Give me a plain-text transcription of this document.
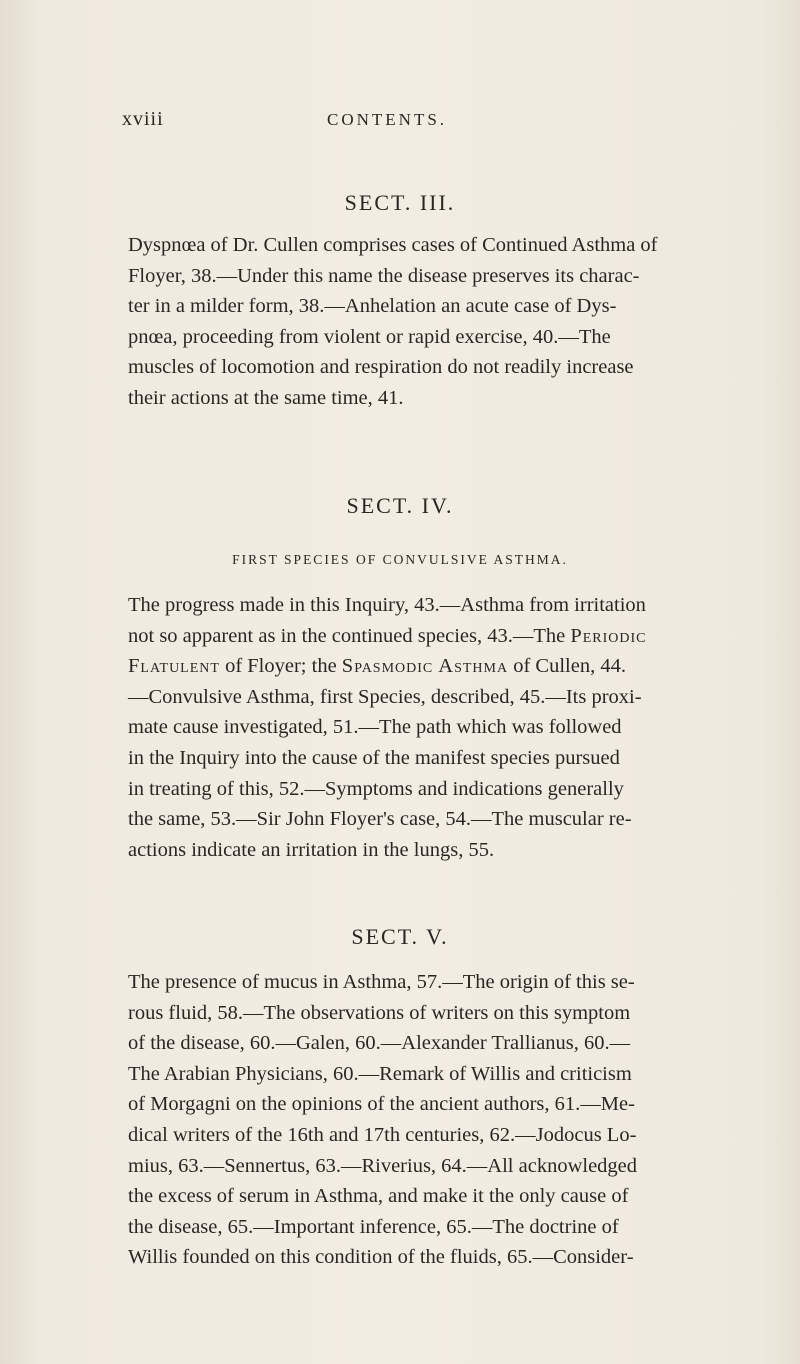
xviii	CONTENTS.
SECT. III.

Dyspnœa of Dr. Cullen comprises cases of Continued Asthma of
Floyer, 38.—Under this name the disease preserves its charac-
ter in a milder form, 38.—Anhelation an acute case of Dys-
pnœa, proceeding from violent or rapid exercise, 40.—The
muscles of locomotion and respiration do not readily increase
their actions at the same time, 41.

SECT. IV.
FIRST SPECIES OF CONVULSIVE ASTHMA.

The progress made in this Inquiry, 43.—Asthma from irritation
not so apparent as in the continued species, 43.—The Periodic
Flatulent of Floyer; the Spasmodic Asthma of Cullen, 44.
—Convulsive Asthma, first Species, described, 45.—Its proxi-
mate cause investigated, 51.—The path which was followed
in the Inquiry into the cause of the manifest species pursued
in treating of this, 52.—Symptoms and indications generally
the same, 53.—Sir John Floyer's case, 54.—The muscular re-
actions indicate an irritation in the lungs, 55.

SECT. V.

The presence of mucus in Asthma, 57.—The origin of this se-
rous fluid, 58.—The observations of writers on this symptom
of the disease, 60.—Galen, 60.—Alexander Trallianus, 60.—
The Arabian Physicians, 60.—Remark of Willis and criticism
of Morgagni on the opinions of the ancient authors, 61.—Me-
dical writers of the 16th and 17th centuries, 62.—Jodocus Lo-
mius, 63.—Sennertus, 63.—Riverius, 64.—All acknowledged
the excess of serum in Asthma, and make it the only cause of
the disease, 65.—Important inference, 65.—The doctrine of
Willis founded on this condition of the fluids, 65.—Consider-
